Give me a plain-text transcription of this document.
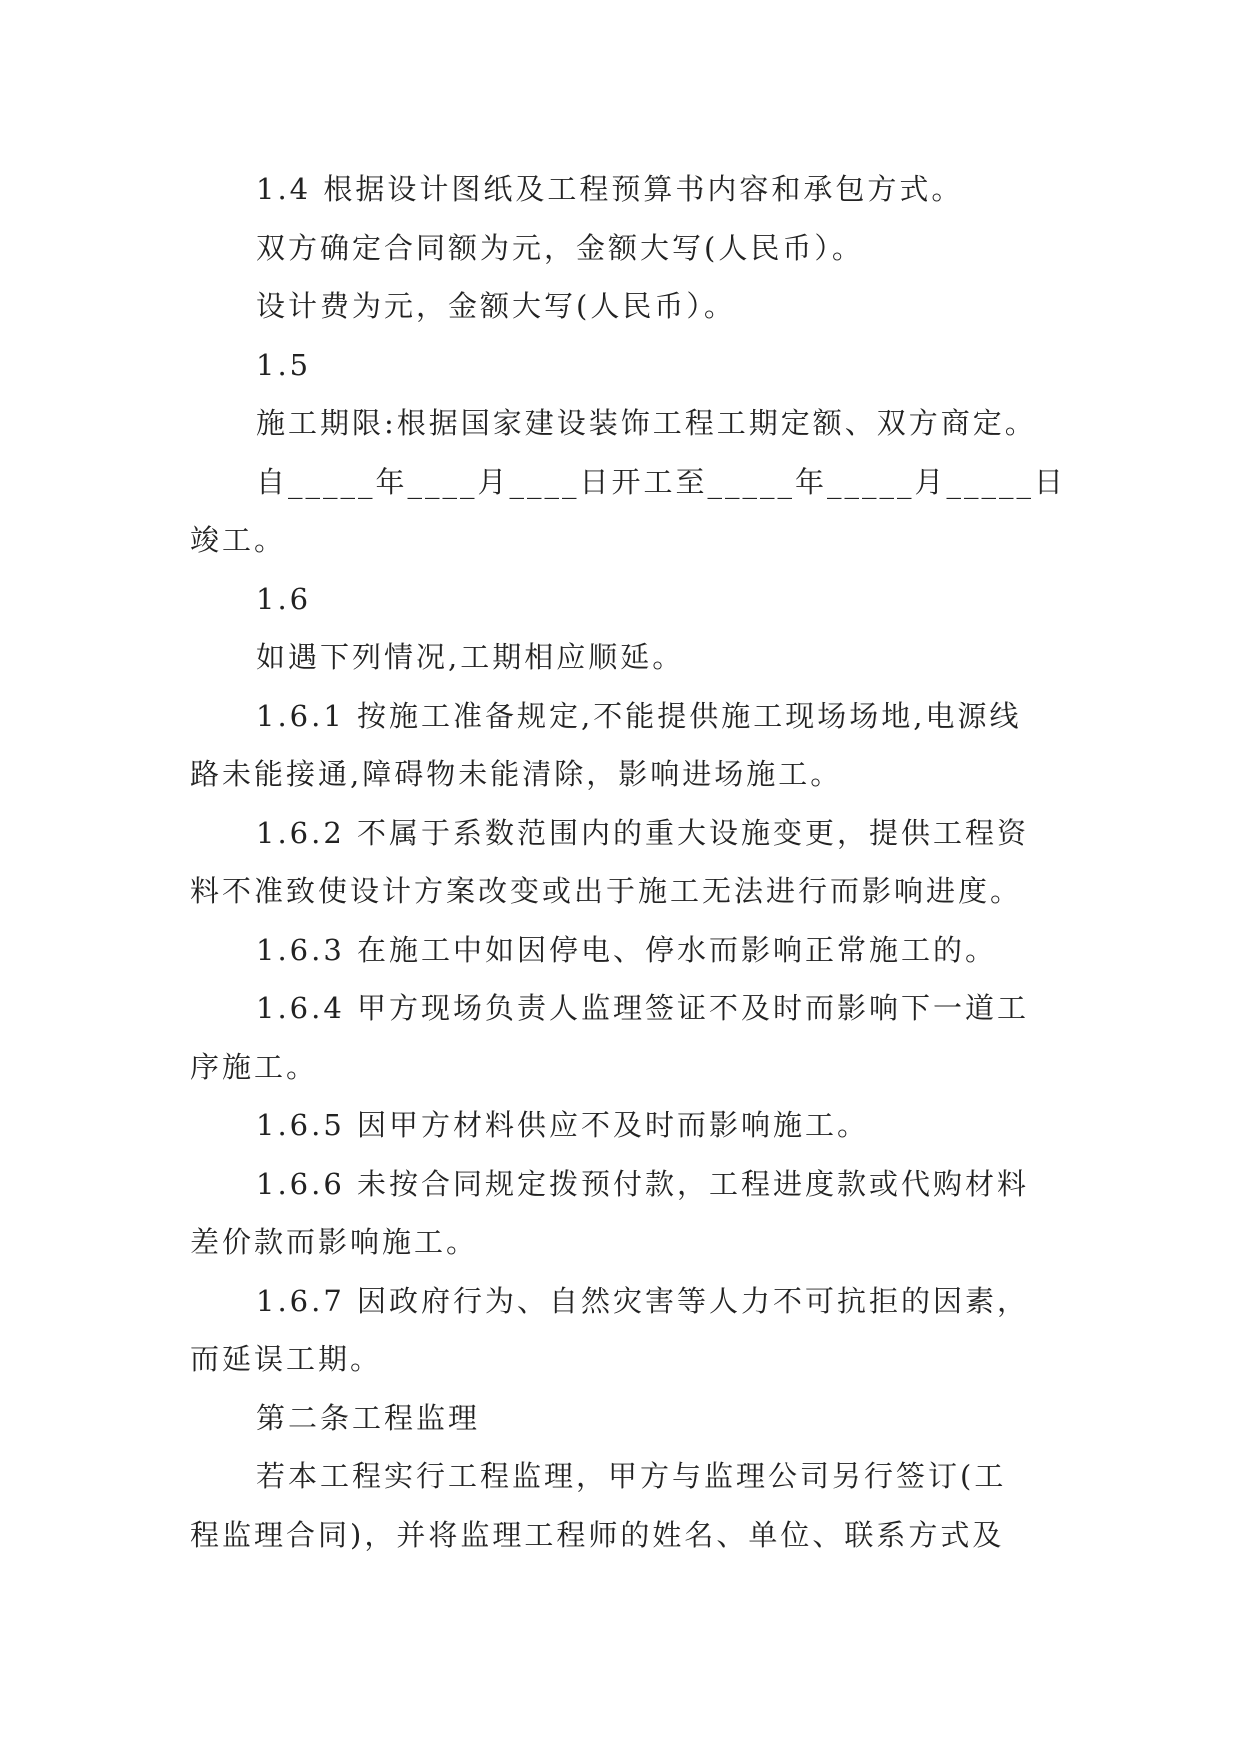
1.4 根据设计图纸及工程预算书内容和承包方式。
双方确定合同额为元，金额大写(人民币）。
设计费为元，金额大写(人民币）。
1.5
施工期限:根据国家建设装饰工程工期定额、双方商定。
自_____年____月____日开工至_____年_____月_____日
竣工。
1.6
如遇下列情况,工期相应顺延。
1.6.1 按施工准备规定,不能提供施工现场场地,电源线
路未能接通,障碍物未能清除，影响进场施工。
1.6.2 不属于系数范围内的重大设施变更，提供工程资
料不准致使设计方案改变或出于施工无法进行而影响进度。
1.6.3 在施工中如因停电、停水而影响正常施工的。
1.6.4 甲方现场负责人监理签证不及时而影响下一道工
序施工。
1.6.5 因甲方材料供应不及时而影响施工。
1.6.6 未按合同规定拨预付款，工程进度款或代购材料
差价款而影响施工。
1.6.7 因政府行为、自然灾害等人力不可抗拒的因素，
而延误工期。
第二条工程监理
若本工程实行工程监理，甲方与监理公司另行签订(工
程监理合同)，并将监理工程师的姓名、单位、联系方式及
